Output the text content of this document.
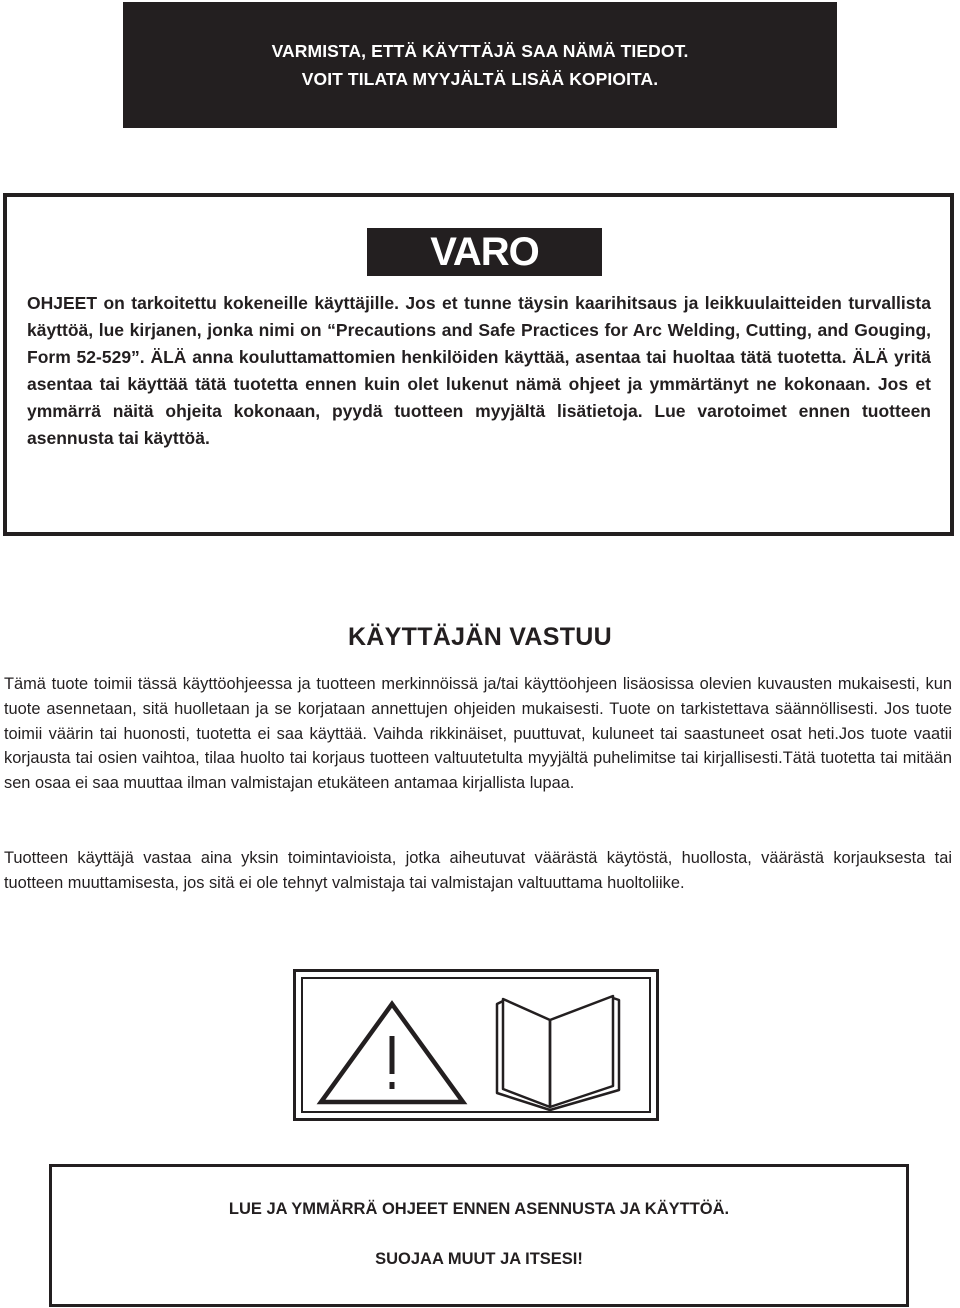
VARMISTA, ETTÄ KÄYTTÄJÄ SAA NÄMÄ TIEDOT.
VOIT TILATA MYYJÄLTÄ LISÄÄ KOPIOITA.
VARO

OHJEET on tarkoitettu kokeneille käyttäjille. Jos et tunne täysin kaarihitsaus ja leikkuulaitteiden turvallista käyttöä, lue kirjanen, jonka nimi on “Precautions and Safe Practices for Arc Welding, Cutting, and Gouging, Form 52-529”. ÄLÄ anna kouluttamattomien henkilöiden käyttää, asentaa tai huoltaa tätä tuotetta. ÄLÄ yritä asentaa tai käyttää tätä tuotetta ennen kuin olet lukenut nämä ohjeet ja ymmärtänyt ne kokonaan. Jos et ymmärrä näitä ohjeita kokonaan, pyydä tuotteen myyjältä lisätietoja. Lue varotoimet ennen tuotteen asennusta tai käyttöä.

KÄYTTÄJÄN VASTUU

Tämä tuote toimii tässä käyttöohjeessa ja tuotteen merkinnöissä ja/tai käyttöohjeen lisäosissa olevien kuvausten mukaisesti, kun tuote asennetaan, sitä huolletaan ja se korjataan annettujen ohjeiden mukaisesti. Tuote on tarkistettava säännöllisesti. Jos tuote toimii väärin tai huonosti, tuotetta ei saa käyttää. Vaihda rikkinäiset, puuttuvat, kuluneet tai saastuneet osat heti.Jos tuote vaatii korjausta tai osien vaihtoa, tilaa huolto tai korjaus tuotteen valtuutetulta myyjältä puhelimitse tai kirjallisesti.Tätä tuotetta tai mitään sen osaa ei saa muuttaa ilman valmistajan etukäteen antamaa kirjallista lupaa.

Tuotteen käyttäjä vastaa aina yksin toimintavioista, jotka aiheutuvat väärästä käytöstä, huollosta, väärästä korjauksesta tai tuotteen muuttamisesta, jos sitä ei ole tehnyt valmistaja tai valmistajan valtuuttama huoltoliike.

LUE JA YMMÄRRÄ OHJEET ENNEN ASENNUSTA JA KÄYTTÖÄ.
SUOJAA MUUT JA ITSESI!
